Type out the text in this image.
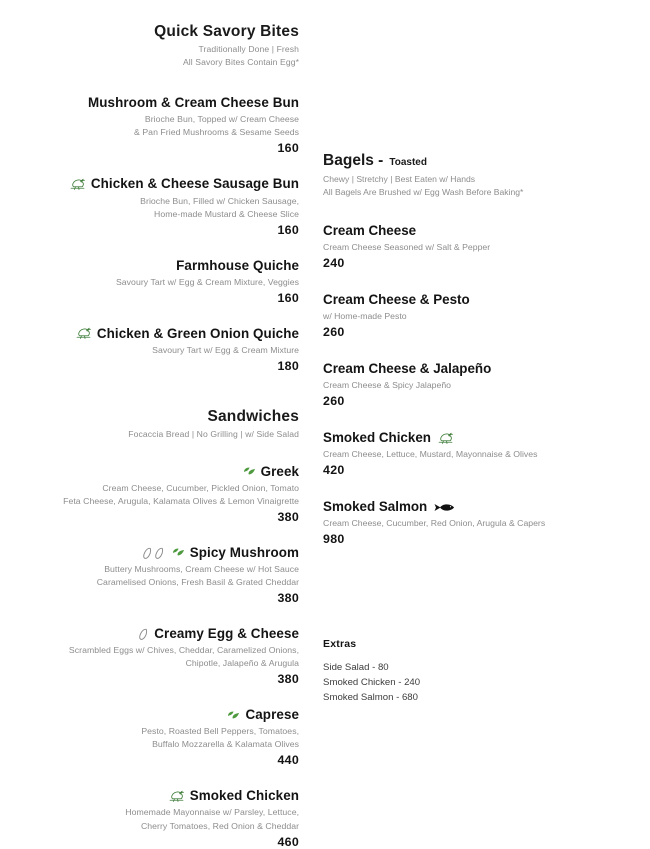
Quick Savory Bites
Traditionally Done | Fresh
All Savory Bites Contain Egg*
Mushroom & Cream Cheese Bun
Brioche Bun, Topped w/ Cream Cheese
& Pan Fried Mushrooms & Sesame Seeds
160
Chicken & Cheese Sausage Bun
Brioche Bun, Filled w/ Chicken Sausage,
Home-made Mustard & Cheese Slice
160
Farmhouse Quiche
Savoury Tart w/ Egg & Cream Mixture, Veggies
160
Chicken & Green Onion Quiche
Savoury Tart w/ Egg & Cream Mixture
180
Sandwiches
Focaccia Bread | No Grilling | w/ Side Salad
Greek
Cream Cheese, Cucumber, Pickled Onion, Tomato
Feta Cheese, Arugula, Kalamata Olives & Lemon Vinaigrette
380
Spicy Mushroom
Buttery Mushrooms, Cream Cheese w/ Hot Sauce
Caramelised Onions, Fresh Basil & Grated Cheddar
380
Creamy Egg & Cheese
Scrambled Eggs w/ Chives, Cheddar, Caramelized Onions,
Chipotle, Jalapeño & Arugula
380
Caprese
Pesto, Roasted Bell Peppers, Tomatoes,
Buffalo Mozzarella & Kalamata Olives
440
Smoked Chicken
Homemade Mayonnaise w/ Parsley, Lettuce,
Cherry Tomatoes, Red Onion & Cheddar
460
Bagels - Toasted
Chewy | Stretchy | Best Eaten w/ Hands
All Bagels Are Brushed w/ Egg Wash Before Baking*
Cream Cheese
Cream Cheese Seasoned w/ Salt & Pepper
240
Cream Cheese & Pesto
w/ Home-made Pesto
260
Cream Cheese & Jalapeño
Cream Cheese & Spicy Jalapeño
260
Smoked Chicken
Cream Cheese, Lettuce, Mustard, Mayonnaise & Olives
420
Smoked Salmon
Cream Cheese, Cucumber, Red Onion, Arugula & Capers
980
Extras
Side Salad - 80
Smoked Chicken - 240
Smoked Salmon - 680
